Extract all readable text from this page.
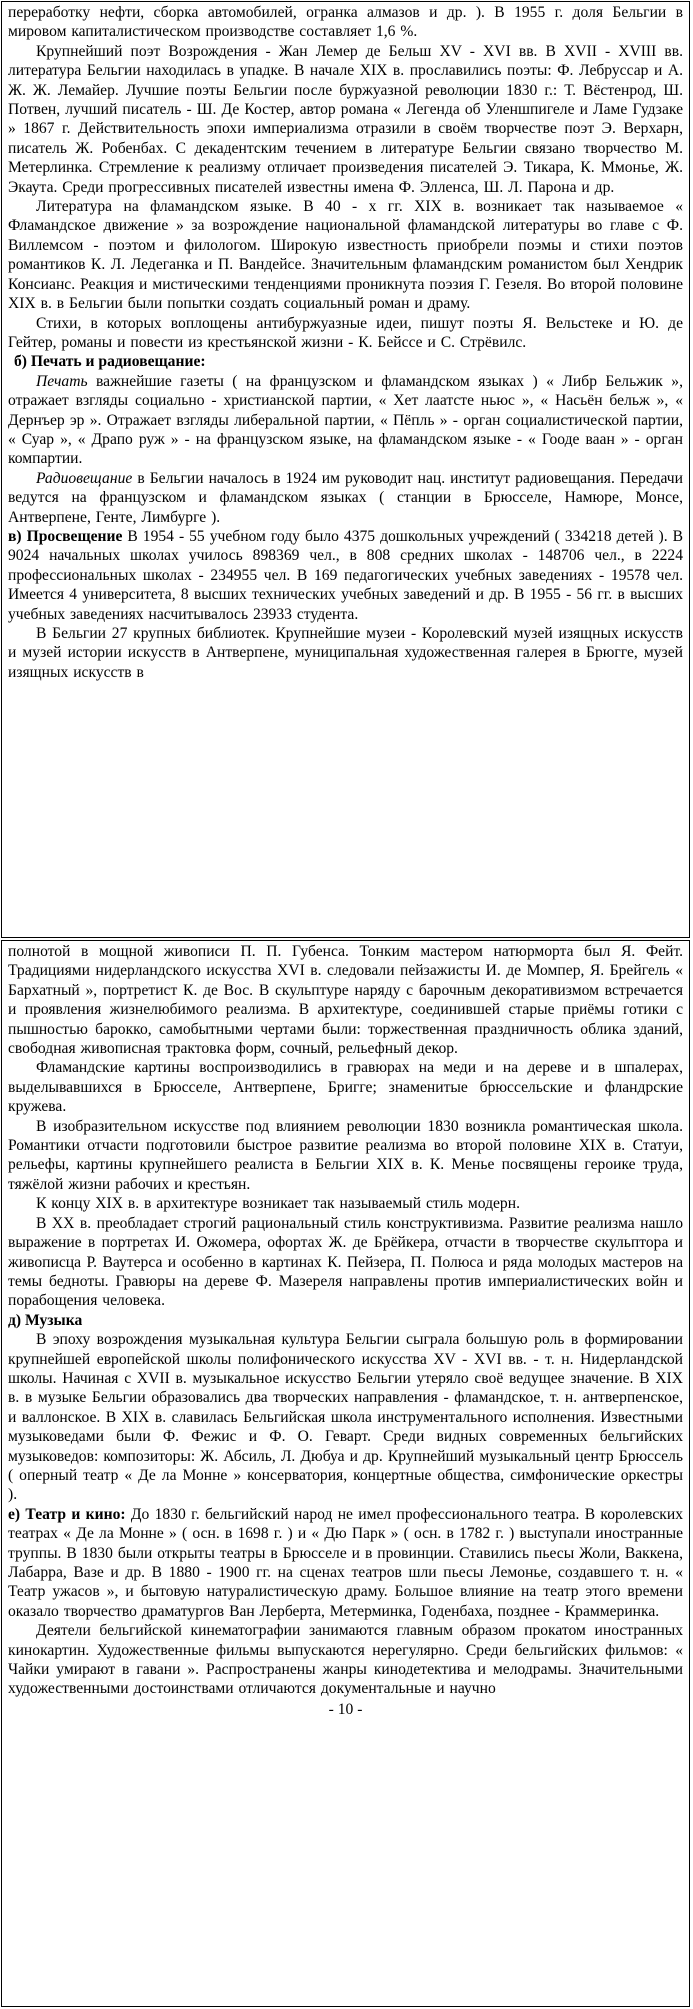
переработку нефти, сборка автомобилей, огранка алмазов и др. ). В 1955 г. доля Бельгии в мировом капиталистическом производстве составляет 1,6 %.

Крупнейший поэт Возрождения - Жан Лемер де Бельш XV - XVI вв. В XVII - XVIII вв. литература Бельгии находилась в упадке. В начале XIX в. прославились поэты: Ф. Лебруссар и А. Ж. Ж. Лемайер. Лучшие поэты Бельгии после буржуазной революции 1830 г.: Т. Вёстенрод, Ш. Потвен, лучший писатель - Ш. Де Костер, автор романа « Легенда об Уленшпигеле и Ламе Гудзаке » 1867 г. Действительность эпохи империализма отразили в своём творчестве поэт Э. Верхарн, писатель Ж. Робенбах. С декадентским течением в литературе Бельгии связано творчество М. Метерлинка. Стремление к реализму отличает произведения писателей Э. Тикара, К. Ммонье, Ж. Экаута. Среди прогрессивных писателей известны имена Ф. Элленса, Ш. Л. Парона и др.

Литература на фламандском языке. В 40 - х гг. XIX в. возникает так называемое « Фламандское движение » за возрождение национальной фламандской литературы во главе с Ф. Виллемсом - поэтом и филологом. Широкую известность приобрели поэмы и стихи поэтов романтиков К. Л. Ледеганка и П. Вандейсе. Значительным фламандским романистом был Хендрик Консианс. Реакция и мистическими тенденциями проникнута поэзия Г. Гезеля. Во второй половине XIX в. в Бельгии были попытки создать социальный роман и драму.

Стихи, в которых воплощены антибуржуазные идеи, пишут поэты Я. Вельстеке и Ю. де Гейтер, романы и повести из крестьянской жизни - К. Бейссе и С. Стрёвилс.

б) Печать и радиовещание:

Печать важнейшие газеты ( на французском и фламандском языках ) « Либр Бельжик », отражает взгляды социально - христианской партии, « Хет лаатсте ньюс », « Насьён бельж », « Дернъер эр ». Отражает взгляды либеральной партии, « Пёпль » - орган социалистической партии, « Суар », « Драпо руж » - на французском языке, на фламандском языке - « Гооде ваан » - орган компартии.

Радиовещание в Бельгии началось в 1924 им руководит нац. институт радиовещания. Передачи ведутся на французском и фламандском языках ( станции в Брюсселе, Намюре, Монсе, Антверпене, Генте, Лимбурге ).

в) Просвещение В 1954 - 55 учебном году было 4375 дошкольных учреждений ( 334218 детей ). В 9024 начальных школах училось 898369 чел., в 808 средних школах - 148706 чел., в 2224 профессиональных школах - 234955 чел. В 169 педагогических учебных заведениях - 19578 чел. Имеется 4 университета, 8 высших технических учебных заведений и др. В 1955 - 56 гг. в высших учебных заведениях насчитывалось 23933 студента.

В Бельгии 27 крупных библиотек. Крупнейшие музеи - Королевский музей изящных искусств и музей истории искусств в Антверпене, муниципальная художественная галерея в Брюгге, музей изящных искусств в

полнотой в мощной живописи П. П. Губенса. Тонким мастером натюрморта был Я. Фейт. Традициями нидерландского искусства XVI в. следовали пейзажисты И. де Момпер, Я. Брейгель « Бархатный », портретист К. де Вос. В скульптуре наряду с барочным декоративизмом встречается и проявления жизнелюбимого реализма. В архитектуре, соединившей старые приёмы готики с пышностью барокко, самобытными чертами были: торжественная праздничность облика зданий, свободная живописная трактовка форм, сочный, рельефный декор.

Фламандские картины воспроизводились в гравюрах на меди и на дереве и в шпалерах, выделывавшихся в Брюсселе, Антверпене, Бригге; знаменитые брюссельские и фландрские кружева.

В изобразительном искусстве под влиянием революции 1830 возникла романтическая школа. Романтики отчасти подготовили быстрое развитие реализма во второй половине XIX в. Статуи, рельефы, картины крупнейшего реалиста в Бельгии XIX в. К. Менье посвящены героике труда, тяжёлой жизни рабочих и крестьян.

К концу XIX в. в архитектуре возникает так называемый стиль модерн.

В XX в. преобладает строгий рациональный стиль конструктивизма. Развитие реализма нашло выражение в портретах И. Ожомера, офортах Ж. де Брёйкера, отчасти в творчестве скульптора и живописца Р. Ваутерса и особенно в картинах К. Пейзера, П. Полюса и ряда молодых мастеров на темы бедноты. Гравюры на дереве Ф. Мазереля направлены против империалистических войн и порабощения человека.

д) Музыка

В эпоху возрождения музыкальная культура Бельгии сыграла большую роль в формировании крупнейшей европейской школы полифонического искусства XV - XVI вв. - т. н. Нидерландской школы. Начиная с XVII в. музыкальное искусство Бельгии утеряло своё ведущее значение. В XIX в. в музыке Бельгии образовались два творческих направления - фламандское, т. н. антверпенское, и валлонское. В XIX в. славилась Бельгийская школа инструментального исполнения. Известными музыковедами были Ф. Фежис и Ф. О. Геварт. Среди видных современных бельгийских музыковедов: композиторы: Ж. Абсиль, Л. Дюбуа и др. Крупнейший музыкальный центр Брюссель ( оперный театр « Де ла Монне » консерватория, концертные общества, симфонические оркестры ).

е) Театр и кино: До 1830 г. бельгийский народ не имел профессионального театра. В королевских театрах « Де ла Монне » ( осн. в 1698 г. ) и « Дю Парк » ( осн. в 1782 г. ) выступали иностранные труппы. В 1830 были открыты театры в Брюсселе и в провинции. Ставились пьесы Жоли, Ваккена, Лабарра, Вазе и др. В 1880 - 1900 гг. на сценах театров шли пьесы Лемонье, создавшего т. н. « Театр ужасов », и бытовую натуралистическую драму. Большое влияние на театр этого времени оказало творчество драматургов Ван Лерберта, Метерминка, Годенбаха, позднее - Краммеринка.

Деятели бельгийской кинематографии занимаются главным образом прокатом иностранных кинокартин. Художественные фильмы выпускаются нерегулярно. Среди бельгийских фильмов: « Чайки умирают в гавани ». Распространены жанры кинодетектива и мелодрамы. Значительными художественными достоинствами отличаются документальные и научно

- 10 -
